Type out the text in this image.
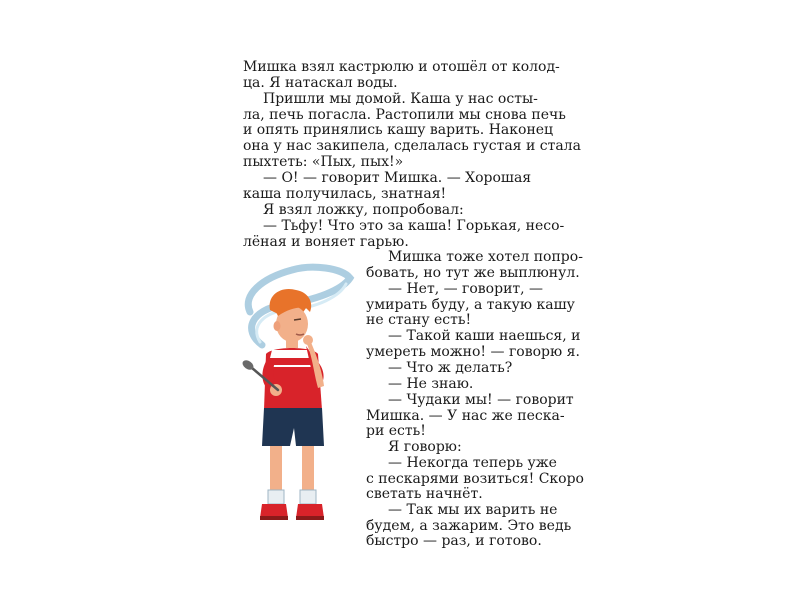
Мишка взял кастрюлю и отошёл от колод-
ца. Я натаскал воды.
Пришли мы домой. Каша у нас осты-
ла, печь погасла. Растопили мы снова печь
и опять принялись кашу варить. Наконец
она у нас закипела, сделалась густая и стала
пыхтеть: «Пых, пых!»
— О! — говорит Мишка. — Хорошая
каша получилась, знатная!
Я взял ложку, попробовал:
— Тьфу! Что это за каша! Горькая, несо-
лёная и воняет гарью.
Мишка тоже хотел попро-
бовать, но тут же выплюнул.
— Нет, — говорит, —
умирать буду, а такую кашу
не стану есть!
— Такой каши наешься, и
умереть можно! — говорю я.
— Что ж делать?
— Не знаю.
— Чудаки мы! — говорит
Мишка. — У нас же песка-
ри есть!
Я говорю:
— Некогда теперь уже
с пескарями возиться! Скоро
светать начнёт.
— Так мы их варить не
будем, а зажарим. Это ведь
быстро — раз, и готово.
